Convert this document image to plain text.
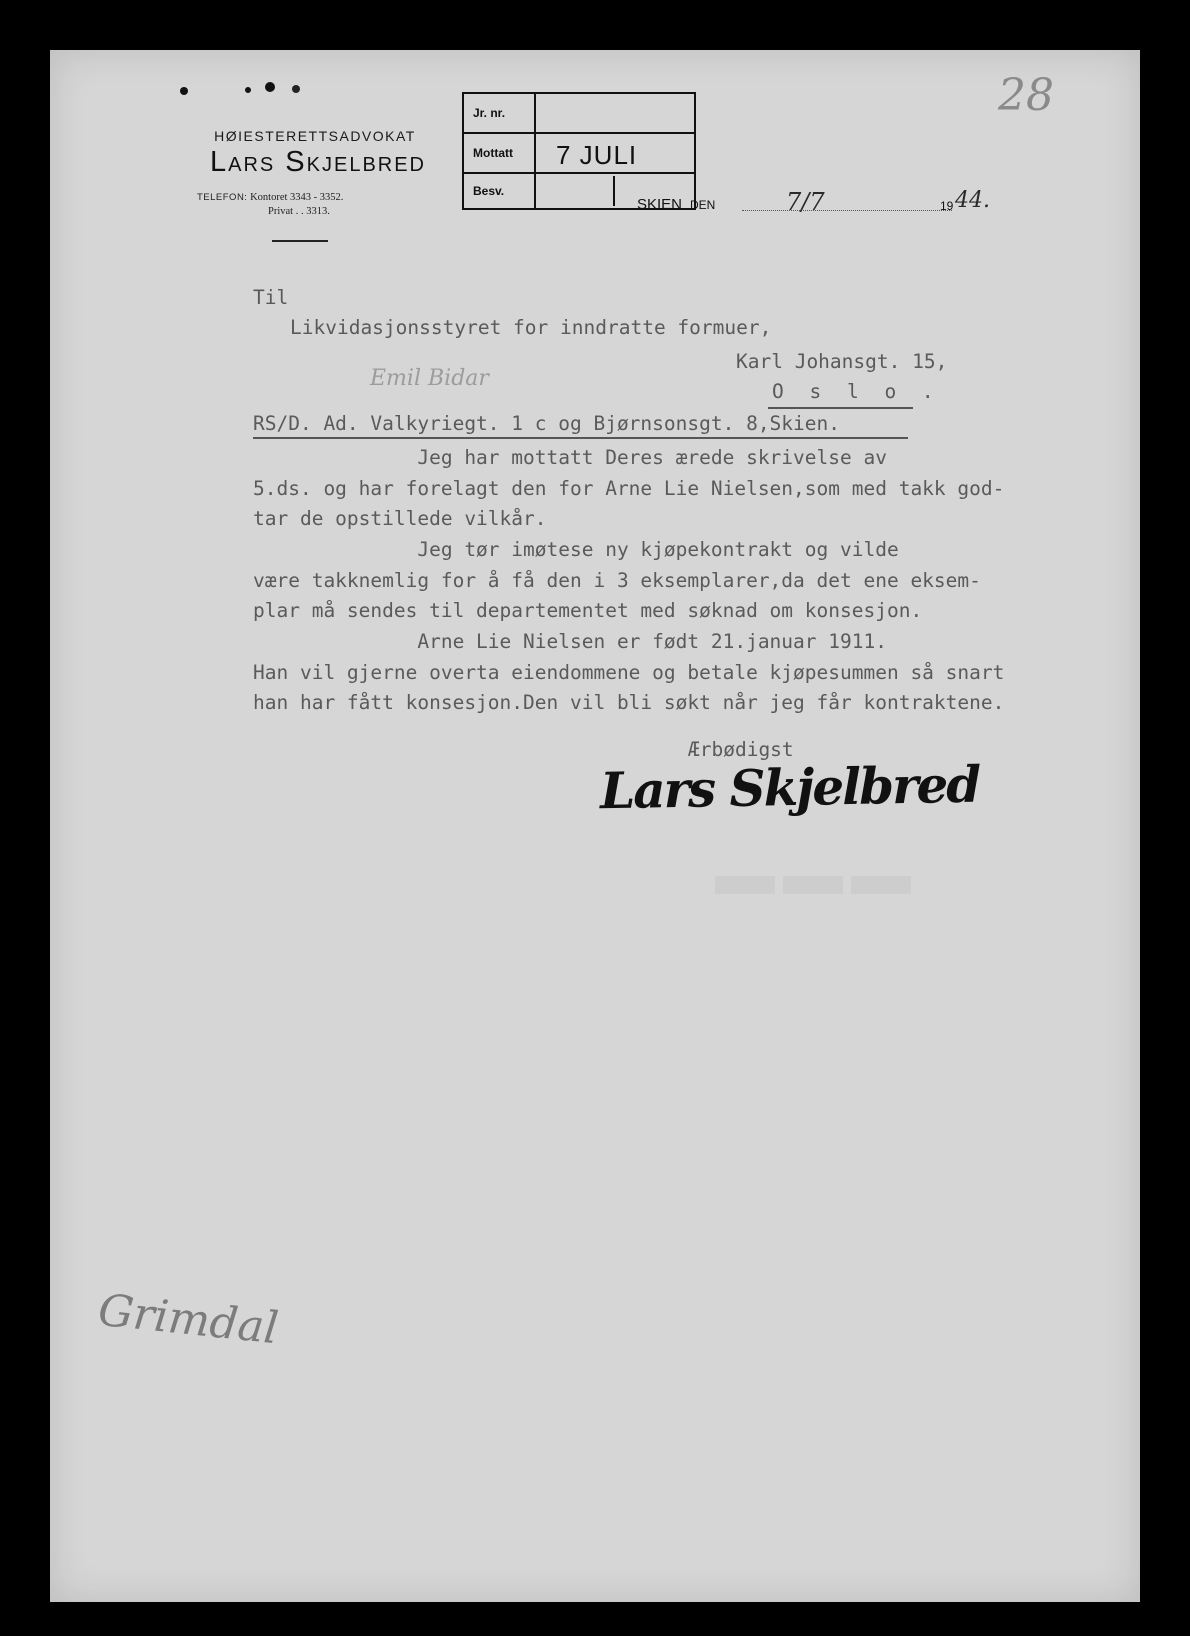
HØIESTERETTSADVOKAT
Lars Skjelbred
TELEFON: Kontoret 3343 - 3352.
Privat . . 3313.
Jr. nr.
Mottatt
Besv.
7 JULI
SKIEN DEN	7/7	19 44.
28
Til
Likvidasjonsstyret for inndratte formuer,
Karl Johansgt. 15,
Emil Bidar
O s l o .
RS/D. Ad. Valkyriegt. 1 c og Bjørnsonsgt. 8,Skien.
Jeg har mottatt Deres ærede skrivelse av
5.ds. og har forelagt den for Arne Lie Nielsen,som med takk god-
tar de opstillede vilkår.
Jeg tør imøtese ny kjøpekontrakt og vilde
være takknemlig for å få den i 3 eksemplarer,da det ene eksem-
plar må sendes til departementet med søknad om konsesjon.
Arne Lie Nielsen er født 21.januar 1911.
Han vil gjerne overta eiendommene og betale kjøpesummen så snart
han har fått konsesjon.Den vil bli søkt når jeg får kontraktene.
Ærbødigst
Lars Skjelbred
▬▬▬
Grimdal
